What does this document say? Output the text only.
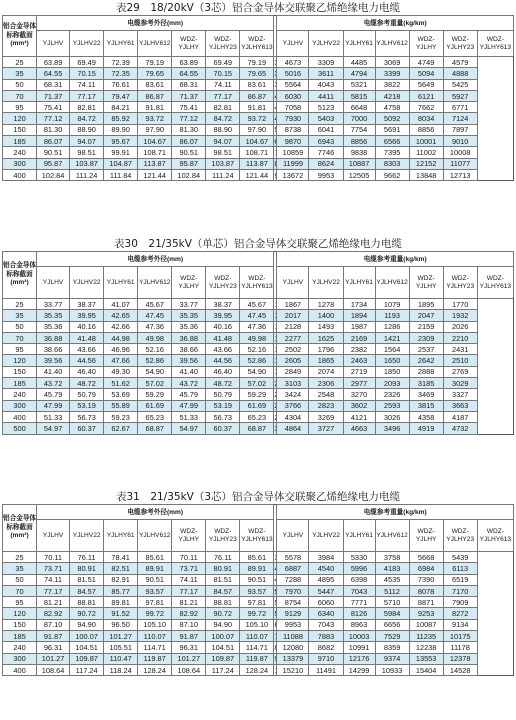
表29　18/20kV（3芯）铝合金导体交联聚乙烯绝缘电力电缆
铝合金导体
标称截面
(mm²)	电缆参考外径(mm)								电缆参考重量(kg/km)						

	YJLHV	YJLHV22	YJLHY61	YJLHV612	WDZ-
YJLHY	WDZ-
YJLHY23	WDZ-
YJLHY613		YJLHV	YJLHV22	YJLHY61	YJLHV612	WDZ-
YJLHY	WDZ-
YJLHY23	WDZ-
YJLHY613

25	63.89	69.49	72.39	79.19	63.89	69.49	79.19		4673	3309	4485	3069	4749	4579	
35	64.55	70.15	72.35	79.65	64.55	70.15	79.65		5016	3611	4794	3399	5094	4888	
50	68.31	74.11	76.61	83.61	68.31	74.11	83.61		5564	4043	5321	3822	5649	5425	
70	71.37	77.17	79.47	86.87	71.37	77.17	86.87		6030	4411	5815	4218	6121	5927	
95	75.41	82.81	84.21	91.81	75.41	82.81	91.81		7058	5123	6648	4758	7662	6771	
120	77.12	84.72	85.92	93.72	77.12	84.72	93.72		7930	5403	7000	5092	8034	7124	
150	81.30	88.90	89.90	97.90	81.30	88.90	97.90		8738	6041	7754	5691	8856	7897	
185	86.07	94.07	95.67	104.67	86.07	94.07	104.67		9870	6943	8856	6566	10001	9010	
240	90.51	98.51	99.91	108.71	90.51	98.51	108.71		10859	7746	9838	7395	11002	10008	
300	95.87	103.87	104.87	113.87	95.87	103.87	113.87		11999	8624	10887	8303	12152	11077	
400	102.84	111.24	111.84	121.44	102.84	111.24	121.44		13672	9953	12505	9662	13848	12713	
表30　21/35kV（单芯）铝合金导体交联聚乙烯绝缘电力电缆
铝合金导体
标称截面
(mm²)	电缆参考外径(mm)								电缆参考重量(kg/km)						

	YJLHV	YJLHV22	YJLHY61	YJLHV612	WDZ-
YJLHY	WDZ-
YJLHY23	WDZ-
YJLHY613		YJLHV	YJLHV22	YJLHY61	YJLHV612	WDZ-
YJLHY	WDZ-
YJLHY23	WDZ-
YJLHY613

25	33.77	38.37	41.07	45.67	33.77	38.37	45.67		1867	1278	1734	1079	1895	1770	
35	35.35	39.95	42.65	47.45	35.35	39.95	47.45		2017	1400	1894	1193	2047	1932	
50	35.36	40.16	42.66	47.36	35.36	40.16	47.36		2128	1493	1987	1286	2159	2026	
70	36.88	41.48	44.98	49.98	36.88	41.48	49.98		2277	1625	2169	1421	2309	2210	
95	38.66	43.66	46.96	52.16	38.66	43.66	52.16		2502	1796	2382	1564	2537	2431	
120	39.56	44.56	47.66	52.86	39.56	44.56	52.86		2605	1865	2463	1650	2642	2510	
150	41.40	46.40	49.30	54.90	41.40	46.40	54.90		2849	2074	2719	1850	2888	2769	
185	43.72	48.72	51.62	57.02	43.72	48.72	57.02		3103	2306	2977	2093	3185	3029	
240	45.79	50.79	53.69	59.29	45.79	50.79	59.29		3424	2548	3270	2326	3469	3327	
300	47.99	53.19	55.89	61.69	47.99	53.19	61.69		3766	2823	3602	2593	3815	3663	
400	51.33	56.73	59.23	65.23	51.33	56.73	65.23		4304	3269	4121	3026	4358	4187	
500	54.97	60.37	62.67	68.87	54.97	60.37	68.87		4864	3727	4663	3496	4919	4732	
表31　21/35kV（3芯）铝合金导体交联聚乙烯绝缘电力电缆
铝合金导体
标称截面
(mm²)	电缆参考外径(mm)								电缆参考重量(kg/km)						

	YJLHV	YJLHV22	YJLHY61	YJLHV612	WDZ-
YJLHY	WDZ-
YJLHY23	WDZ-
YJLHY613		YJLHV	YJLHV22	YJLHY61	YJLHV612	WDZ-
YJLHY	WDZ-
YJLHY23	WDZ-
YJLHY613

25	70.11	76.11	78.41	85.61	70.11	76.11	85.61		5578	3984	5330	3758	5668	5439	
35	73.71	80.91	82.51	89.91	73.71	80.91	89.91		6887	4540	5996	4183	6984	6113	
50	74.11	81.51	82.91	90.51	74.11	81.51	90.51		7288	4895	6398	4535	7390	6519	
70	77.17	84.57	85.77	93.57	77.17	84.57	93.57		7970	5447	7043	5112	8078	7170	
95	81.21	88.81	89.81	97.81	81.21	88.81	97.81		8754	6060	7771	5710	8871	7909	
120	82.92	90.72	91.52	99.72	82.92	90.72	99.72		9129	6340	8126	5984	9253	8272	
150	87.10	94.90	96.50	105.10	87.10	94.90	105.10		9953	7043	8963	6656	10087	9134	
185	91.87	100.07	101.27	110.07	91.87	100.07	110.07		11088	7883	10003	7529	11235	10175	
240	96.31	104.51	105.51	114.71	96.31	104.51	114.71		12080	8682	10991	8359	12238	11178	
300	101.27	109.87	110.47	119.87	101.27	109.87	119.87		13379	9710	12176	9374	13553	12378	
400	108.64	117.24	118.24	128.24	108.64	117.24	128.24		15210	11491	14299	10933	15404	14528	
